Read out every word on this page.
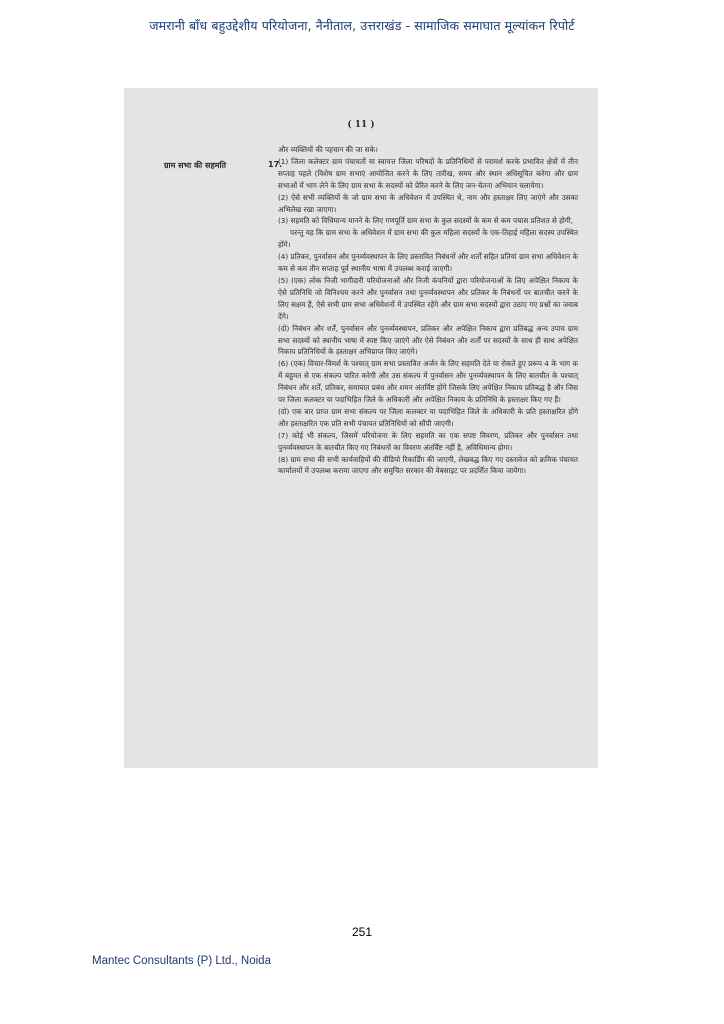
जमरानी बाँध बहुउद्देशीय परियोजना, नैनीताल, उत्तराखंड - सामाजिक समाघात मूल्यांकन रिपोर्ट
( 11 )
ग्राम सभा की सहमति	17.

और व्यक्तियों की पहचान की जा सके।

(1) जिला कलेक्टर ग्राम पंचायतों या स्वायत्त जिला परिषदों के प्रतिनिधियों से परामर्श करके प्रभावित क्षेत्रों में तीन सप्ताह पहले (विशेष ग्राम सभाएं आयोजित करने के लिए तारीख, समय और स्थान अधिसूचित करेगा और ग्राम सभाओं में भाग लेने के लिए ग्राम सभा के सदस्यों को प्रेरित करने के लिए जन-चेतना अभियान चलायेगा।

(2) ऐसे सभी व्यक्तियों के जो ग्राम सभा के अधिवेशन में उपस्थित थे, नाम और हस्ताक्षर लिए जाएंगे और उसका अभिलेख रखा जाएगा।

(3) सहमति को विधिमान्य मानने के लिए गणपूर्ति ग्राम सभा के कुल सदस्यों के कम से कम पचास प्रतिशत से होगी,

परन्तु यह कि ग्राम सभा के अधिवेशन में ग्राम सभा की कुल महिला सदस्यों के एक-तिहाई महिला सदस्य उपस्थित होंगे।

(4) प्रतिकर, पुनर्वासन और पुनर्व्यवस्थापन के लिए प्रस्तावित निबंधनों और शर्तों सहित प्रतियां ग्राम सभा अधिवेशन के कम से कम तीन सप्ताह पूर्व स्थानीय भाषा में उपलब्ध कराई जाएगी।

(5) (एक) लोक निजी भागीदारी परियोजनाओं और निजी कंपनियों द्वारा परियोजनाओं के लिए अपेक्षित निकाय के ऐसे प्रतिनिधि जो विनिश्चय करने और पुनर्वासन तथा पुनर्व्यवस्थापन और प्रतिकर के निबंधनों पर बातचीत करने के लिए सक्षम हैं, ऐसे सभी ग्राम सभा अधिवेशनों में उपस्थित रहेंगे और ग्राम सभा सदस्यों द्वारा उठाए गए प्रश्नों का जवाब देंगे।

(दो) निबंधन और शर्तें, पुनर्वासन और पुनर्व्यवस्थापन, प्रतिकर और अपेक्षित निकाय द्वारा प्रतिबद्ध अन्य उपाय ग्राम सभा सदस्यों को स्थानीय भाषा में स्पष्ट किए जाएंगे और ऐसे निबंधन और शर्तों पर सदस्यों के साथ ही साथ अपेक्षित निकाय प्रतिनिधियों के हस्ताक्षर अभिप्राप्त किए जाएंगे।

(6) (एक) विचार-विमर्श के पश्चात् ग्राम सभा प्रस्तावित अर्जन के लिए सहमति देते या रोकते हुए प्ररूप 4 के भाग क में बहुमत से एक संकल्प पारित करेगी और उस संकल्प में पुनर्वासन और पुनर्व्यवस्थापन के लिए बातचीत के पश्चात् निबंधन और शर्तें, प्रतिकर, समाघात प्रबंध और शमन अंतर्विष्ट होंगे जिसके लिए अपेक्षित निकाय प्रतिबद्ध है और जिस पर जिला कलक्टर या पदाभिहित जिले के अधिकारी और अपेक्षित निकाय के प्रतिनिधि के हस्ताक्षर किए गए हैं।

(दो) एक बार प्राप्त ग्राम सभा संकल्प पर जिला कलक्टर या पदाभिहित जिले के अधिकारी के प्रति हस्ताक्षरित होंगे और हस्ताक्षरित एक प्रति सभी पंचायत प्रतिनिधियों को सौंपी जाएगी।

(7) कोई भी संकल्प, जिसमें परियोजना के लिए सहमति का एक सपष्ट विवरण, प्रतिकर और पुनर्वासन तथा पुनर्व्यवस्थापन के बातचीत किए गए निबंधनों का विवरण अंतर्विष्ट नहीं है, अविधिमान्य होगा।

(8) ग्राम सभा की सभी कार्यवाहियों की वीडियो रिकार्डिंग की जाएगी, लेखबद्ध किए गए दस्तावेज को क्रमिक पंचायत कार्यालयों में उपलब्ध कराया जाएगा और समुचित सरकार की वेबसाइट पर प्रदर्शित किया जायेगा।

251
Mantec Consultants (P) Ltd., Noida
